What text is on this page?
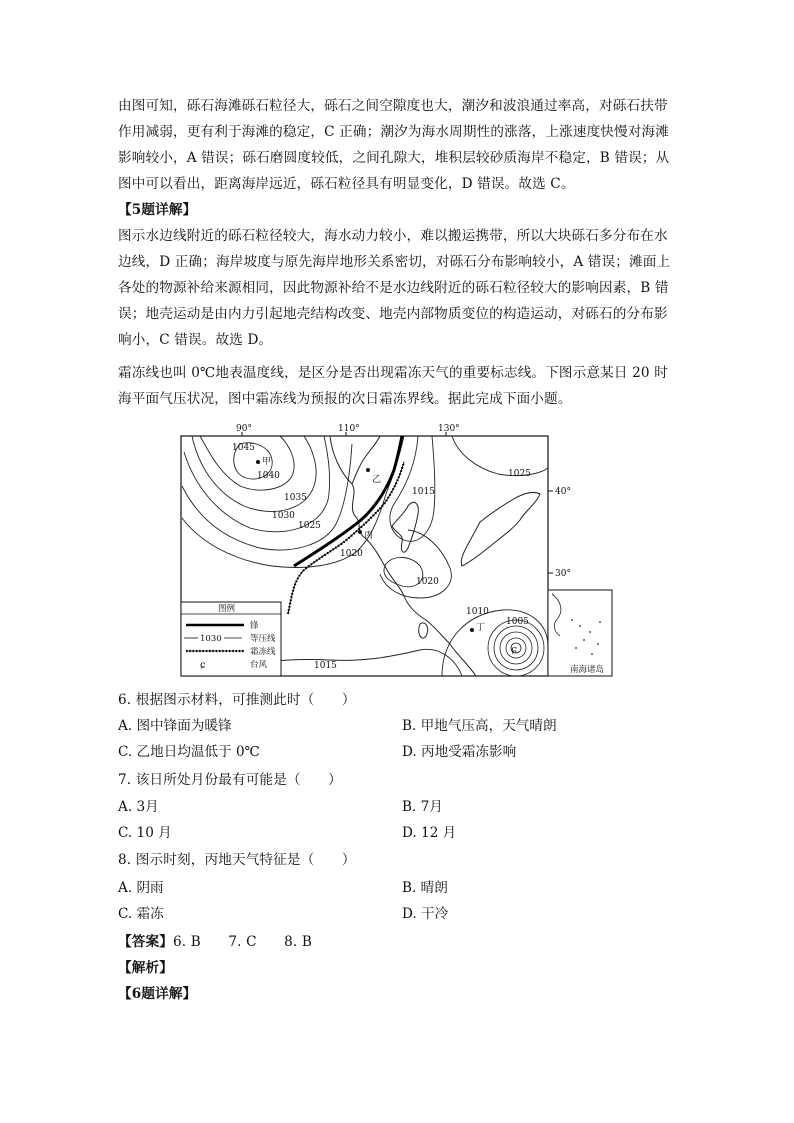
由图可知，砾石海滩砾石粒径大，砾石之间空隙度也大，潮汐和波浪通过率高，对砾石扶带
作用减弱，更有利于海滩的稳定，C 正确；潮汐为海水周期性的涨落，上涨速度快慢对海滩
影响较小，A 错误；砾石磨圆度较低，之间孔隙大，堆积层较砂质海岸不稳定，B 错误；从
图中可以看出，距离海岸远近，砾石粒径具有明显变化，D 错误。故选 C。
【5题详解】
图示水边线附近的砾石粒径较大，海水动力较小，难以搬运携带，所以大块砾石多分布在水
边线，D 正确；海岸坡度与原先海岸地形关系密切，对砾石分布影响较小，A 错误；滩面上
各处的物源补给来源相同，因此物源补给不是水边线附近的砾石粒径较大的影响因素，B 错
误；地壳运动是由内力引起地壳结构改变、地壳内部物质变位的构造运动，对砾石的分布影
响小，C 错误。故选 D。
霜冻线也叫 0℃地表温度线，是区分是否出现霜冻天气的重要标志线。下图示意某日 20 时
海平面气压状况，图中霜冻线为预报的次日霜冻界线。据此完成下面小题。
90°	110°	130°
40°
30°
ɕ
1045
1040
1035
1030
1025
1020
1015
1020
1015
1025
1010
1005
甲
乙
丙
丁
南海诸岛
图例
锋
1030	等压线
霜冻线
ɕ	台风
6. 根据图示材料，可推测此时（　　）
A. 图中锋面为暖锋	B. 甲地气压高，天气晴朗
C. 乙地日均温低于 0℃	D. 丙地受霜冻影响
7. 该日所处月份最有可能是（　　）
A. 3月	B. 7月
C. 10 月	D. 12 月
8. 图示时刻，丙地天气特征是（　　）
A. 阴雨	B. 晴朗
C. 霜冻	D. 干冷
【答案】6. B　　7. C　　8. B
【解析】
【6题详解】
